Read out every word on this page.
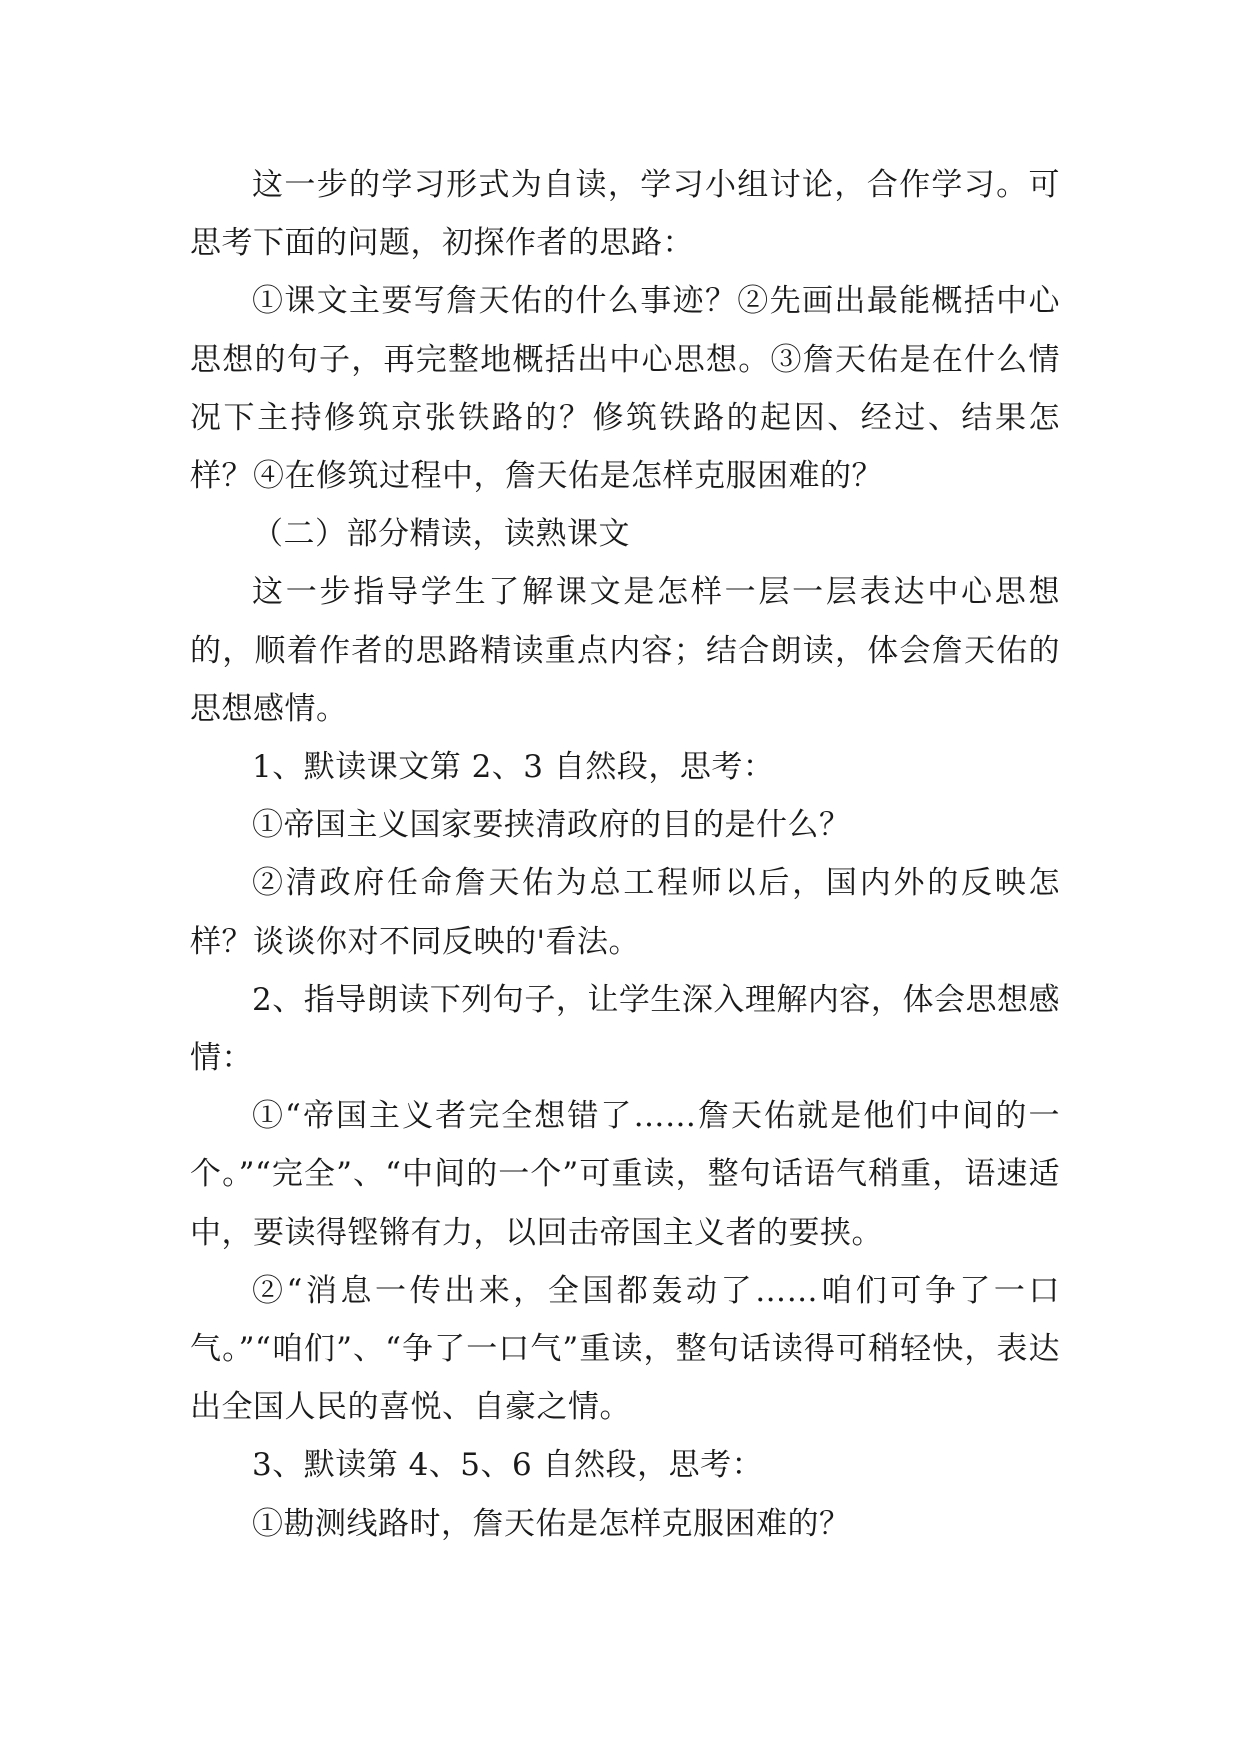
这一步的学习形式为自读，学习小组讨论，合作学习。可思考下面的问题，初探作者的思路：

①课文主要写詹天佑的什么事迹？②先画出最能概括中心思想的句子，再完整地概括出中心思想。③詹天佑是在什么情况下主持修筑京张铁路的？修筑铁路的起因、经过、结果怎样？④在修筑过程中，詹天佑是怎样克服困难的？

（二）部分精读，读熟课文

这一步指导学生了解课文是怎样一层一层表达中心思想的，顺着作者的思路精读重点内容；结合朗读，体会詹天佑的思想感情。

1、默读课文第 2、3 自然段，思考：

①帝国主义国家要挟清政府的目的是什么？

②清政府任命詹天佑为总工程师以后，国内外的反映怎样？谈谈你对不同反映的'看法。

2、指导朗读下列句子，让学生深入理解内容，体会思想感情：

①“帝国主义者完全想错了……詹天佑就是他们中间的一个。”“完全”、“中间的一个”可重读，整句话语气稍重，语速适中，要读得铿锵有力，以回击帝国主义者的要挟。

②“消息一传出来，全国都轰动了……咱们可争了一口气。”“咱们”、“争了一口气”重读，整句话读得可稍轻快，表达出全国人民的喜悦、自豪之情。

3、默读第 4、5、6 自然段，思考：

①勘测线路时，詹天佑是怎样克服困难的？
